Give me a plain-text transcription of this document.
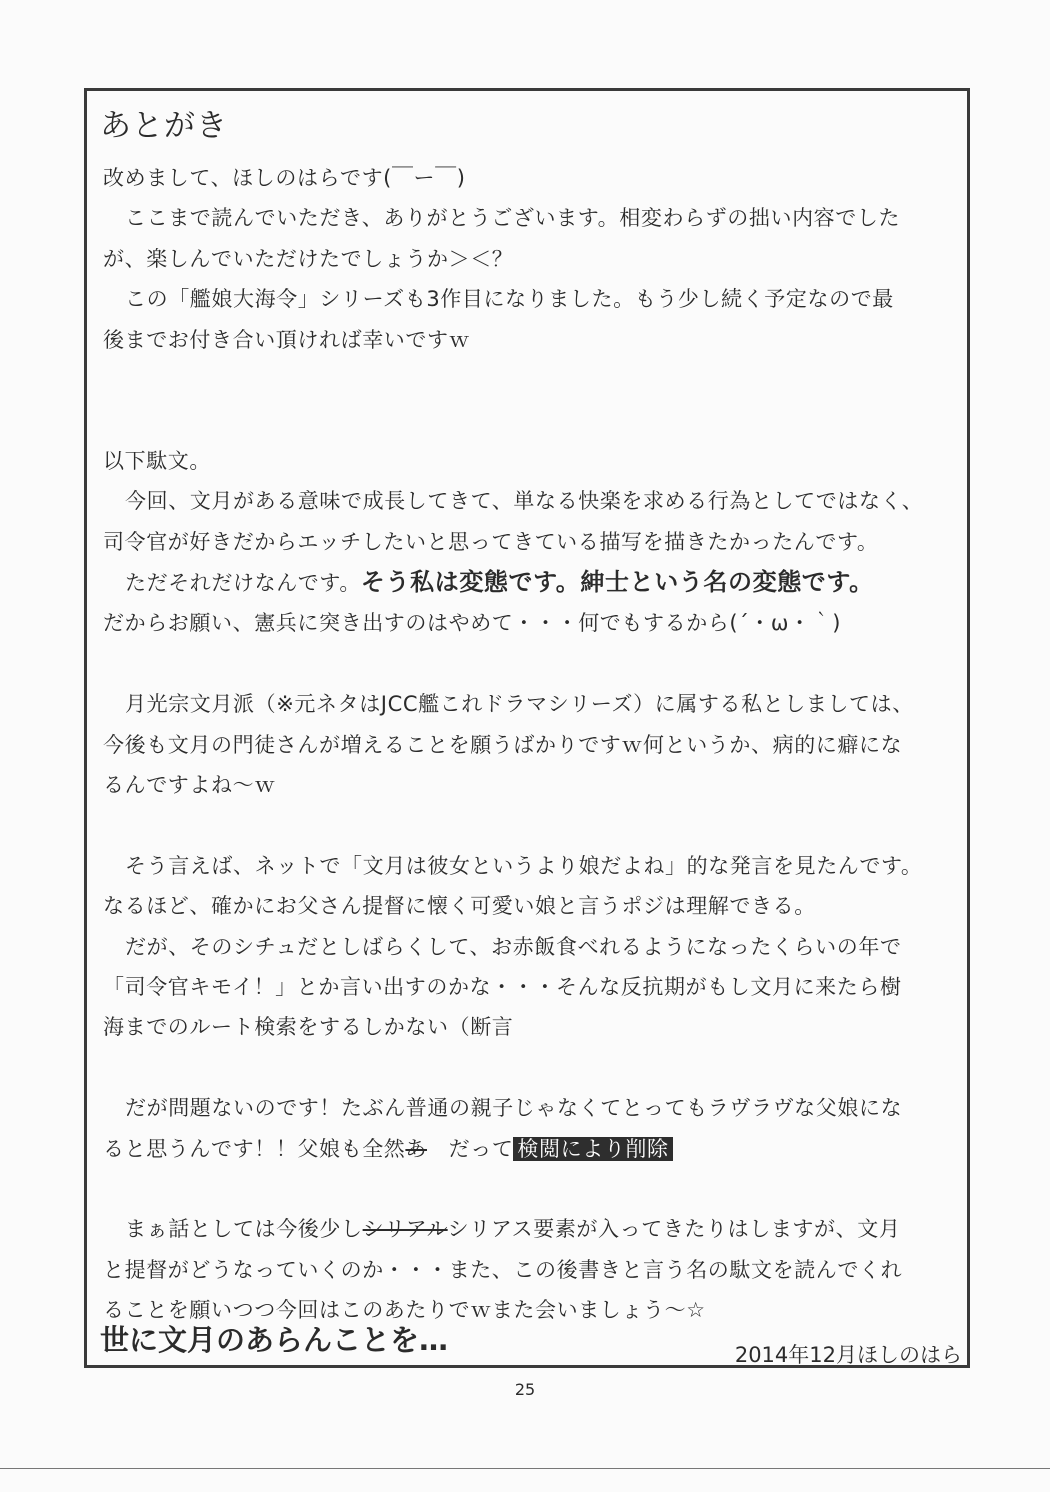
あとがき

改めまして、ほしのはらです(￣ー￣)

ここまで読んでいただき、ありがとうございます。相変わらずの拙い内容でした

が、楽しんでいただけたでしょうか＞＜？

この「艦娘大海令」シリーズも3作目になりました。もう少し続く予定なので最

後までお付き合い頂ければ幸いですｗ

以下駄文。

今回、文月がある意味で成長してきて、単なる快楽を求める行為としてではなく、

司令官が好きだからエッチしたいと思ってきている描写を描きたかったんです。

ただそれだけなんです。そう私は変態です。紳士という名の変態です。

だからお願い、憲兵に突き出すのはやめて・・・何でもするから(´・ω・｀)

月光宗文月派（※元ネタはJCC艦これドラマシリーズ）に属する私としましては、

今後も文月の門徒さんが増えることを願うばかりですｗ何というか、病的に癖にな

るんですよね～ｗ

そう言えば、ネットで「文月は彼女というより娘だよね」的な発言を見たんです。

なるほど、確かにお父さん提督に懐く可愛い娘と言うポジは理解できる。

だが、そのシチュだとしばらくして、お赤飯食べれるようになったくらいの年で

「司令官キモイ！」とか言い出すのかな・・・そんな反抗期がもし文月に来たら樹

海までのルート検索をするしかない（断言

だが問題ないのです！たぶん普通の親子じゃなくてとってもラヴラヴな父娘にな

ると思うんです！！父娘も全然あ　だって 検閲により削除

まぁ話としては今後少しシリアルシリアス要素が入ってきたりはしますが、文月

と提督がどうなっていくのか・・・また、この後書きと言う名の駄文を読んでくれ

ることを願いつつ今回はこのあたりでｗまた会いましょう～☆

世に文月のあらんことを…	2014年12月ほしのはら
25
